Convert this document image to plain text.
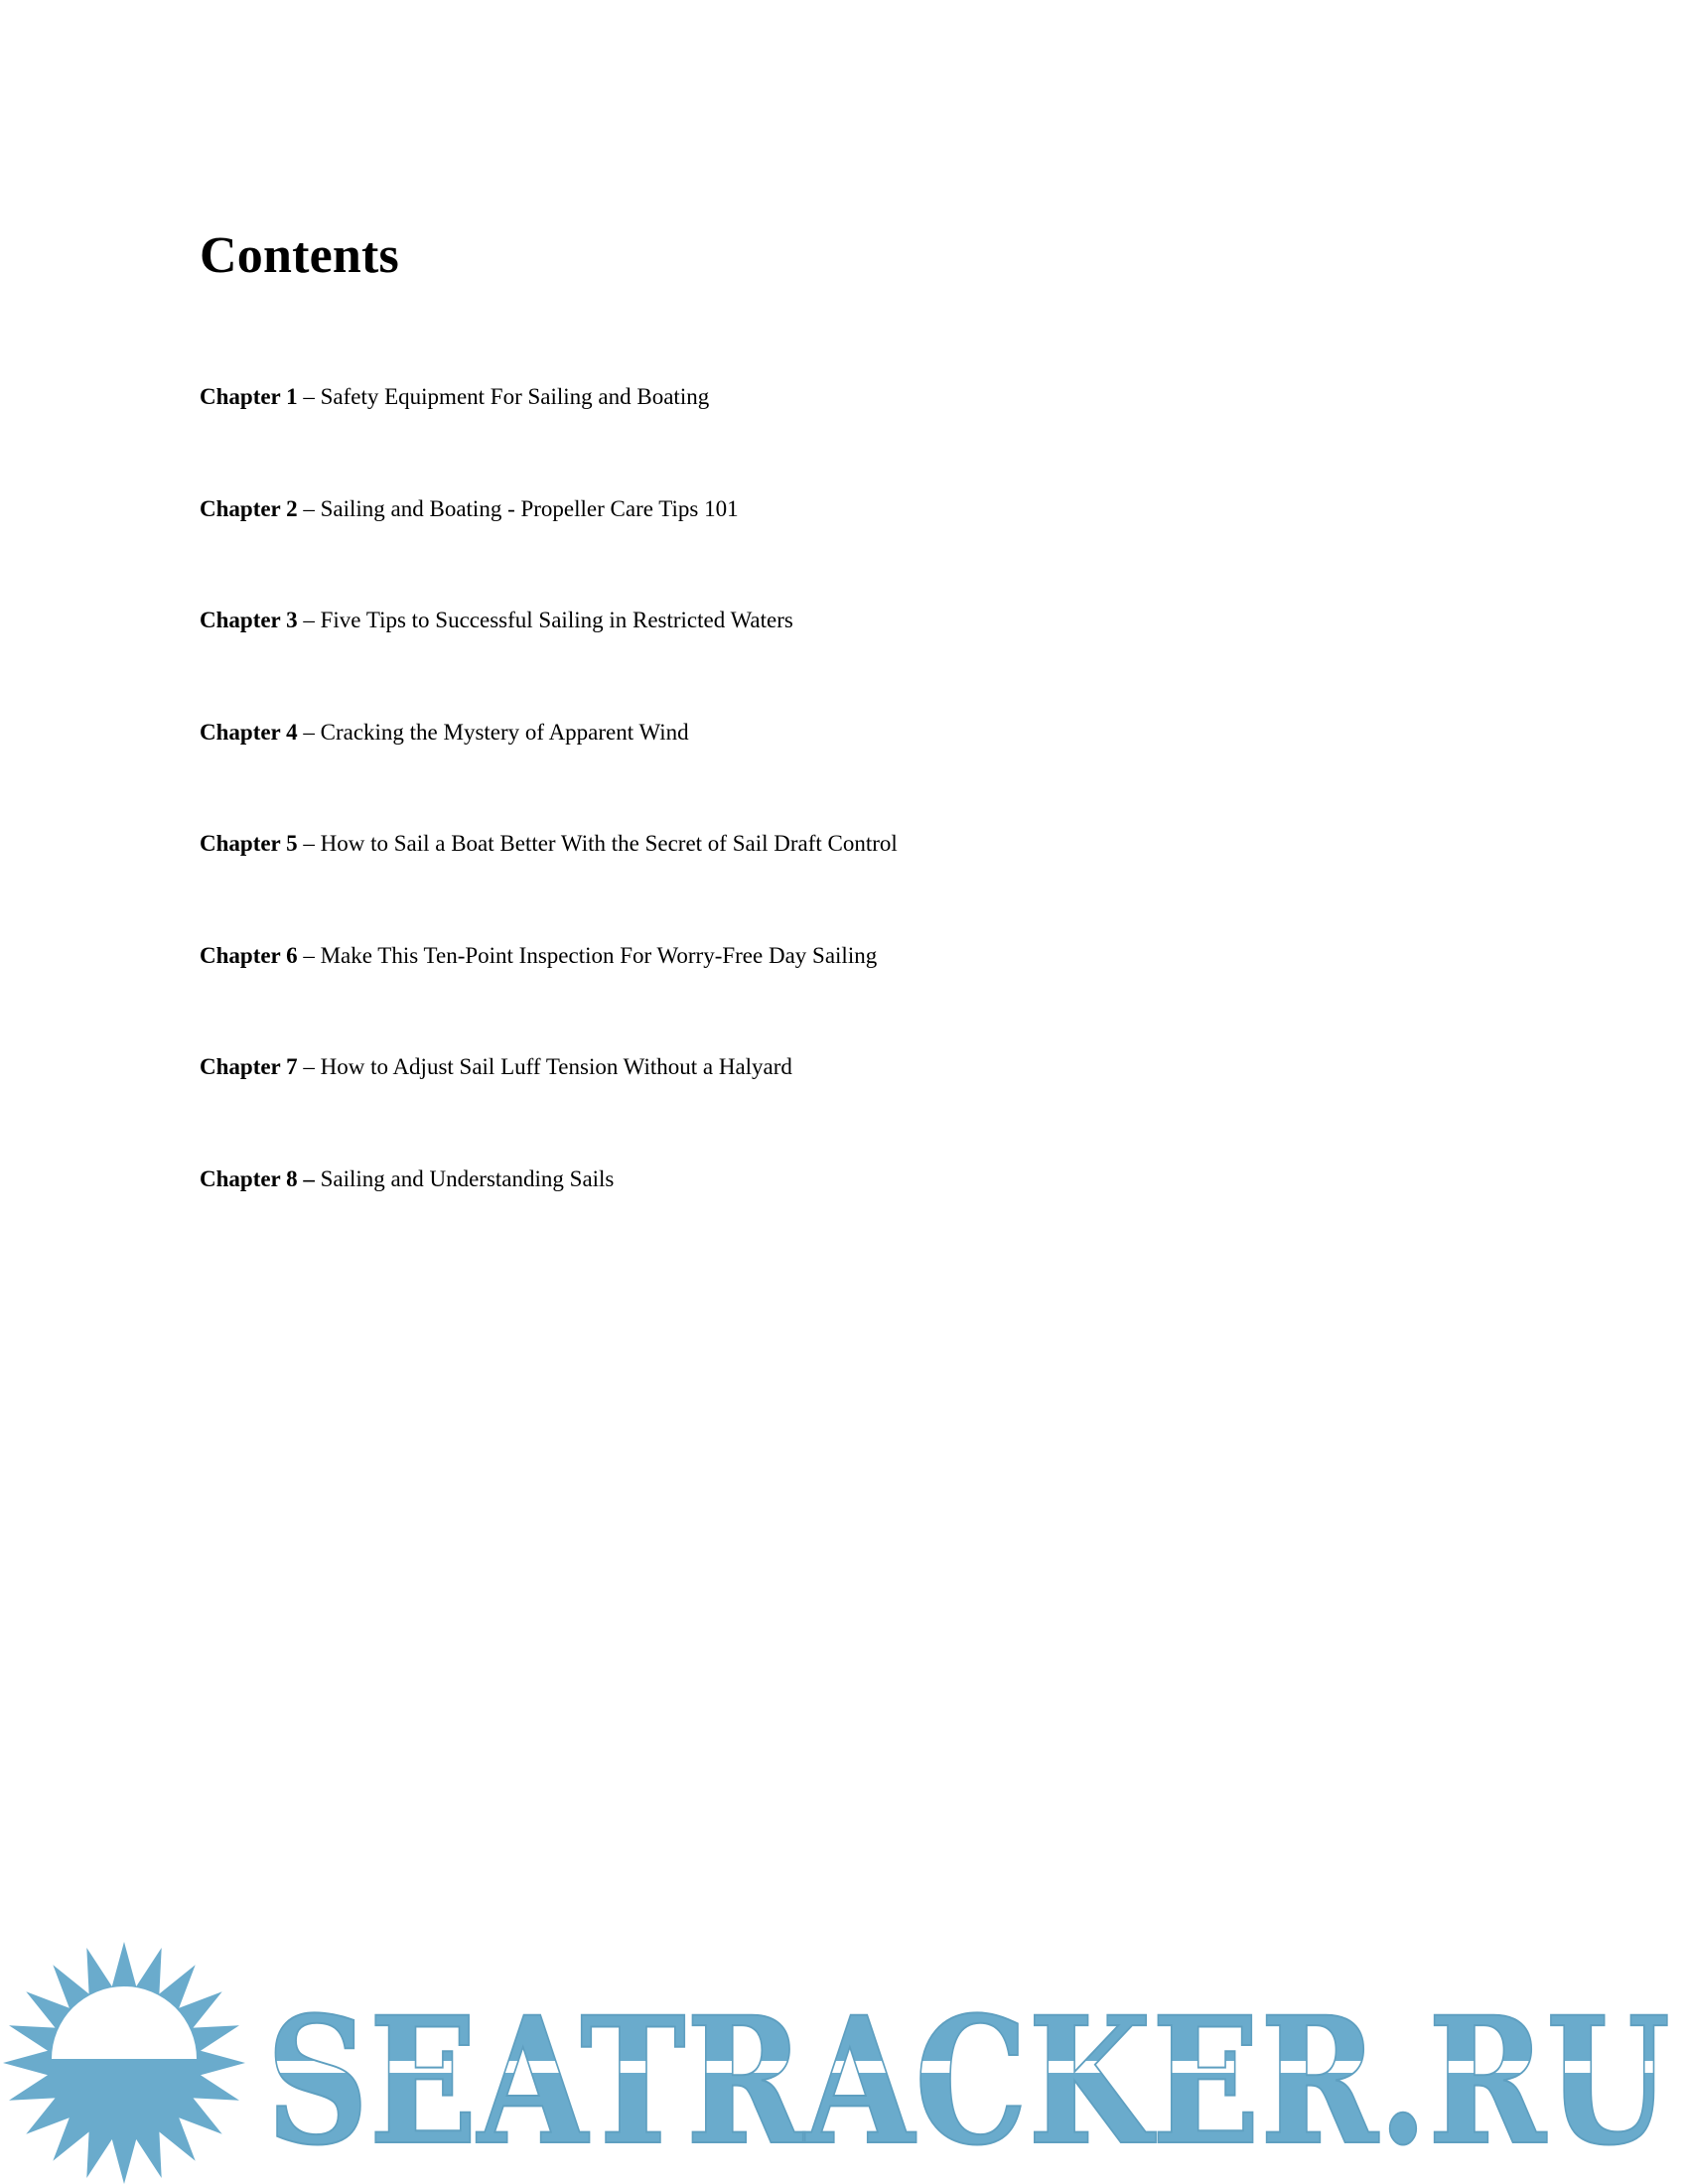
Contents
Chapter 1 – Safety Equipment For Sailing and Boating
Chapter 2 – Sailing and Boating - Propeller Care Tips 101
Chapter 3 – Five Tips to Successful Sailing in Restricted Waters
Chapter 4 – Cracking the Mystery of Apparent Wind
Chapter 5 – How to Sail a Boat Better With the Secret of Sail Draft Control
Chapter 6 – Make This Ten-Point Inspection For Worry-Free Day Sailing
Chapter 7 – How to Adjust Sail Luff Tension Without a Halyard
Chapter 8 – Sailing and Understanding Sails
SEATRACKER.RU
